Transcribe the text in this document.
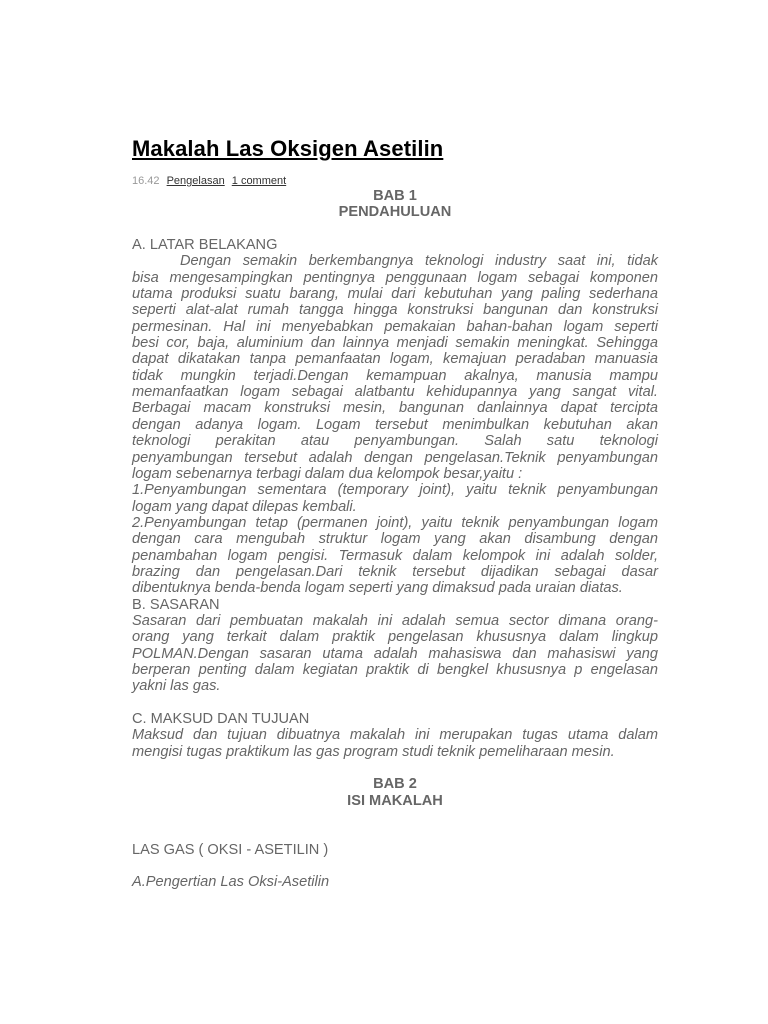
Makalah Las Oksigen Asetilin
16.42 Pengelasan 1 comment
BAB 1
PENDAHULUAN
A. LATAR BELAKANG
Dengan semakin berkembangnya teknologi industry saat ini, tidak
bisa mengesampingkan pentingnya penggunaan logam sebagai komponen
utama produksi suatu barang, mulai dari kebutuhan yang paling sederhana
seperti alat-alat rumah tangga hingga konstruksi bangunan dan konstruksi
permesinan. Hal ini menyebabkan pemakaian bahan-bahan logam seperti
besi cor, baja, aluminium dan lainnya menjadi semakin meningkat. Sehingga
dapat dikatakan tanpa pemanfaatan logam, kemajuan peradaban manuasia
tidak mungkin terjadi.Dengan kemampuan akalnya, manusia mampu
memanfaatkan logam sebagai alatbantu kehidupannya yang sangat vital.
Berbagai macam konstruksi mesin, bangunan danlainnya dapat tercipta
dengan adanya logam. Logam tersebut menimbulkan kebutuhan akan
teknologi perakitan atau penyambungan. Salah satu teknologi
penyambungan tersebut adalah dengan pengelasan.Teknik penyambungan
logam sebenarnya terbagi dalam dua kelompok besar,yaitu :
1.Penyambungan sementara (temporary joint), yaitu teknik penyambungan
logam yang dapat dilepas kembali.
2.Penyambungan tetap (permanen joint), yaitu teknik penyambungan logam
dengan cara mengubah struktur logam yang akan disambung dengan
penambahan logam pengisi. Termasuk dalam kelompok ini adalah solder,
brazing dan pengelasan.Dari teknik tersebut dijadikan sebagai dasar
dibentuknya benda-benda logam seperti yang dimaksud pada uraian diatas.
B. SASARAN
Sasaran dari pembuatan makalah ini adalah semua sector dimana orang-
orang yang terkait dalam praktik pengelasan khususnya dalam lingkup
POLMAN.Dengan sasaran utama adalah mahasiswa dan mahasiswi yang
berperan penting dalam kegiatan praktik di bengkel khususnya p engelasan
yakni las gas.
C. MAKSUD DAN TUJUAN
Maksud dan tujuan dibuatnya makalah ini merupakan tugas utama dalam
mengisi tugas praktikum las gas program studi teknik pemeliharaan mesin.
BAB 2
ISI MAKALAH
LAS GAS ( OKSI - ASETILIN )
A.Pengertian Las Oksi-Asetilin
